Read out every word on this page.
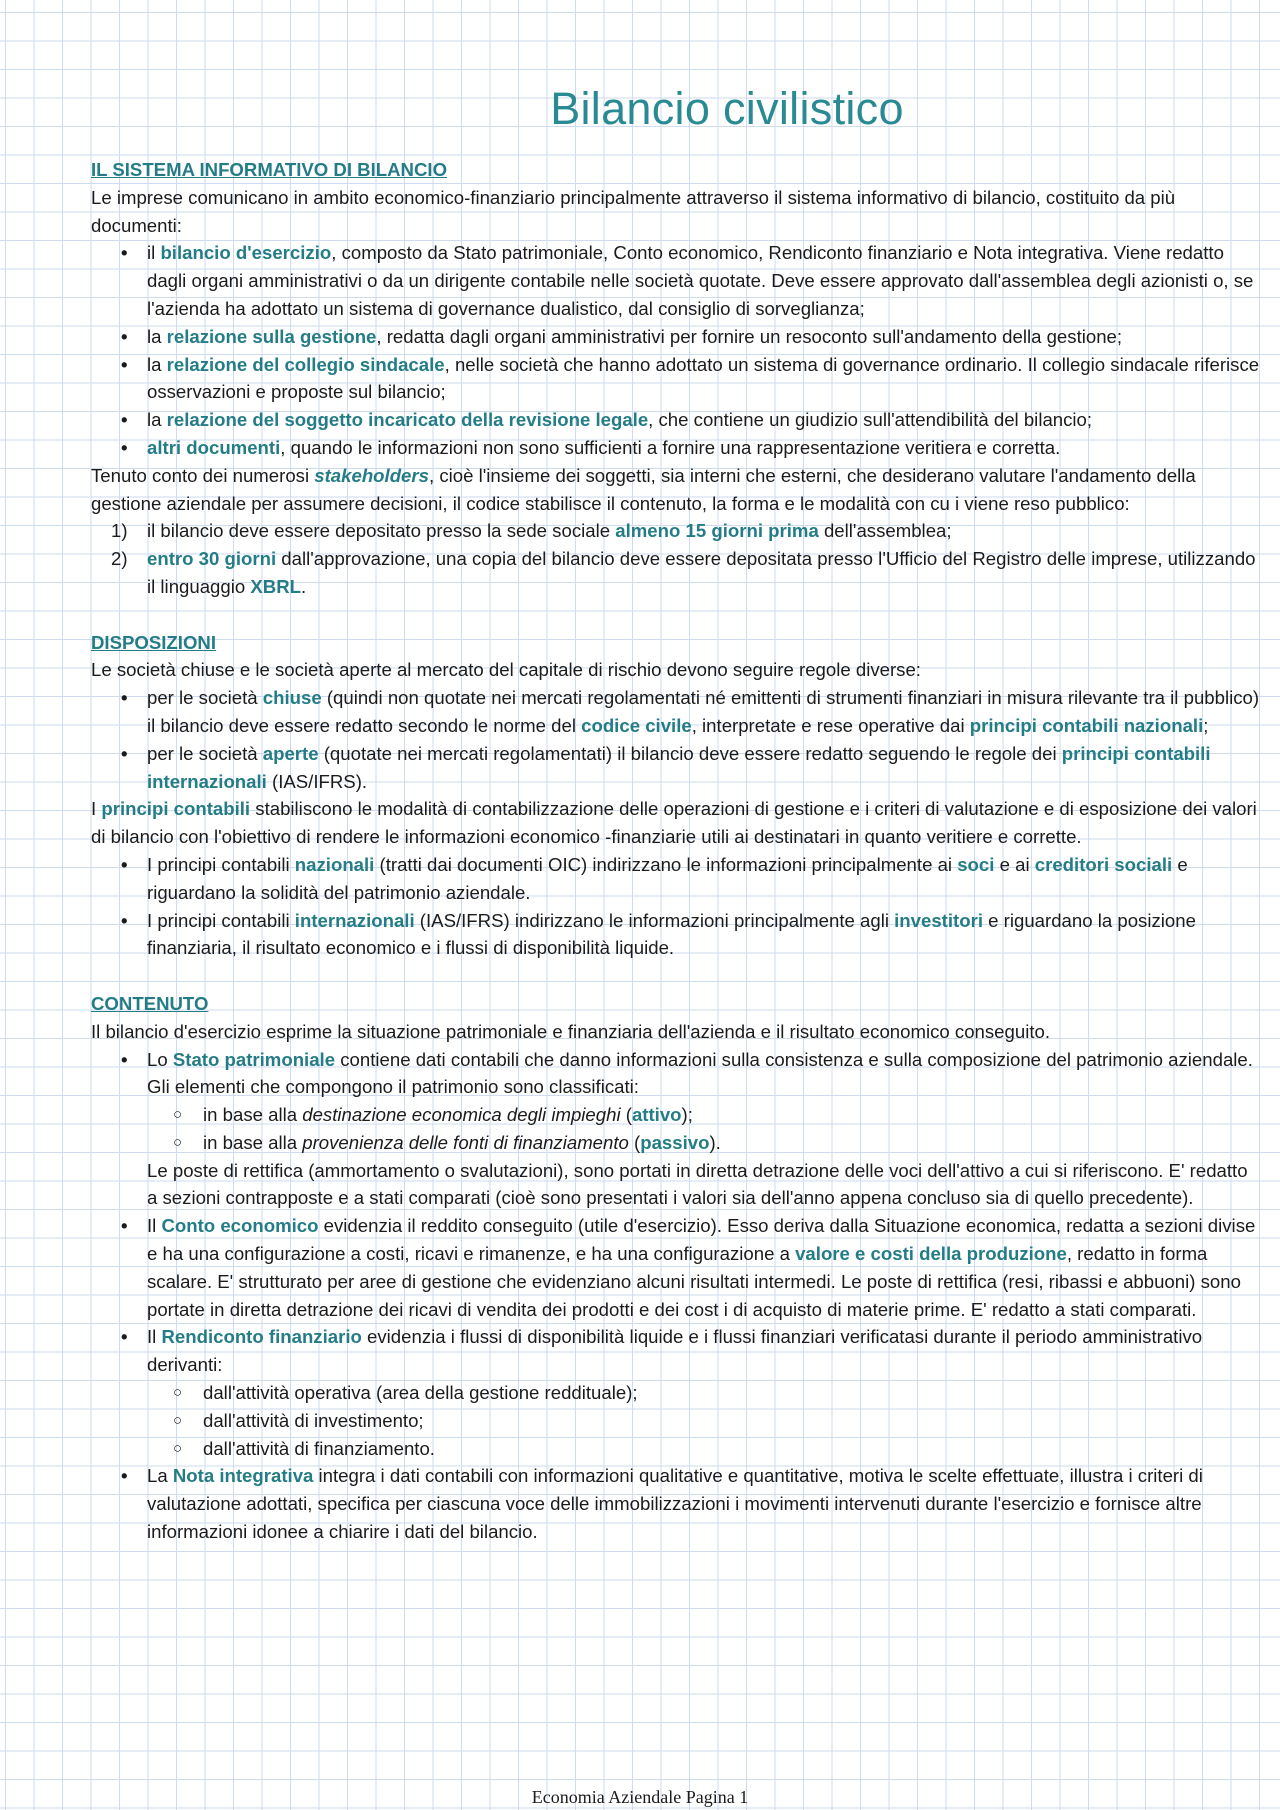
Bilancio civilistico

IL SISTEMA INFORMATIVO DI BILANCIO

Le imprese comunicano in ambito economico-finanziario principalmente attraverso il sistema informativo di bilancio, costituito da più documenti:

• il bilancio d'esercizio, composto da Stato patrimoniale, Conto economico, Rendiconto finanziario e Nota integrativa. Viene redatto dagli organi amministrativi o da un dirigente contabile nelle società quotate. Deve essere approvato dall'assemblea degli azionisti o, se l'azienda ha adottato un sistema di governance dualistico, dal consiglio di sorveglianza;
• la relazione sulla gestione, redatta dagli organi amministrativi per fornire un resoconto sull'andamento della gestione;
• la relazione del collegio sindacale, nelle società che hanno adottato un sistema di governance ordinario. Il collegio sindacale riferisce osservazioni e proposte sul bilancio;
• la relazione del soggetto incaricato della revisione legale, che contiene un giudizio sull'attendibilità del bilancio;
• altri documenti, quando le informazioni non sono sufficienti a fornire una rappresentazione veritiera e corretta.

Tenuto conto dei numerosi stakeholders, cioè l'insieme dei soggetti, sia interni che esterni, che desiderano valutare l'andamento della gestione aziendale per assumere decisioni, il codice stabilisce il contenuto, la forma e le modalità con cu i viene reso pubblico:

1) il bilancio deve essere depositato presso la sede sociale almeno 15 giorni prima dell'assemblea;
2) entro 30 giorni dall'approvazione, una copia del bilancio deve essere depositata presso l'Ufficio del Registro delle imprese, utilizzando il linguaggio XBRL.

DISPOSIZIONI

Le società chiuse e le società aperte al mercato del capitale di rischio devono seguire regole diverse:

• per le società chiuse (quindi non quotate nei mercati regolamentati né emittenti di strumenti finanziari in misura rilevante tra il pubblico) il bilancio deve essere redatto secondo le norme del codice civile, interpretate e rese operative dai principi contabili nazionali;
• per le società aperte (quotate nei mercati regolamentati) il bilancio deve essere redatto seguendo le regole dei principi contabili internazionali (IAS/IFRS).

I principi contabili stabiliscono le modalità di contabilizzazione delle operazioni di gestione e i criteri di valutazione e di esposizione dei valori di bilancio con l'obiettivo di rendere le informazioni economico -finanziarie utili ai destinatari in quanto veritiere e corrette.

• I principi contabili nazionali (tratti dai documenti OIC) indirizzano le informazioni principalmente ai soci e ai creditori sociali e riguardano la solidità del patrimonio aziendale.
• I principi contabili internazionali (IAS/IFRS) indirizzano le informazioni principalmente agli investitori e riguardano la posizione finanziaria, il risultato economico e i flussi di disponibilità liquide.

CONTENUTO

Il bilancio d'esercizio esprime la situazione patrimoniale e finanziaria dell'azienda e il risultato economico conseguito.

• Lo Stato patrimoniale contiene dati contabili che danno informazioni sulla consistenza e sulla composizione del patrimonio aziendale. Gli elementi che compongono il patrimonio sono classificati:
○ in base alla destinazione economica degli impieghi (attivo);
○ in base alla provenienza delle fonti di finanziamento (passivo).
Le poste di rettifica (ammortamento o svalutazioni), sono portati in diretta detrazione delle voci dell'attivo a cui si riferiscono. E' redatto a sezioni contrapposte e a stati comparati (cioè sono presentati i valori sia dell'anno appena concluso sia di quello precedente).
• Il Conto economico evidenzia il reddito conseguito (utile d'esercizio). Esso deriva dalla Situazione economica, redatta a sezioni divise e ha una configurazione a costi, ricavi e rimanenze, e ha una configurazione a valore e costi della produzione, redatto in forma scalare. E' strutturato per aree di gestione che evidenziano alcuni risultati intermedi. Le poste di rettifica (resi, ribassi e abbuoni) sono portate in diretta detrazione dei ricavi di vendita dei prodotti e dei cost i di acquisto di materie prime. E' redatto a stati comparati.
• Il Rendiconto finanziario evidenzia i flussi di disponibilità liquide e i flussi finanziari verificatasi durante il periodo amministrativo derivanti:
○ dall'attività operativa (area della gestione reddituale);
○ dall'attività di investimento;
○ dall'attività di finanziamento.
• La Nota integrativa integra i dati contabili con informazioni qualitative e quantitative, motiva le scelte effettuate, illustra i criteri di valutazione adottati, specifica per ciascuna voce delle immobilizzazioni i movimenti intervenuti durante l'esercizio e fornisce altre informazioni idonee a chiarire i dati del bilancio.
Economia Aziendale Pagina 1
